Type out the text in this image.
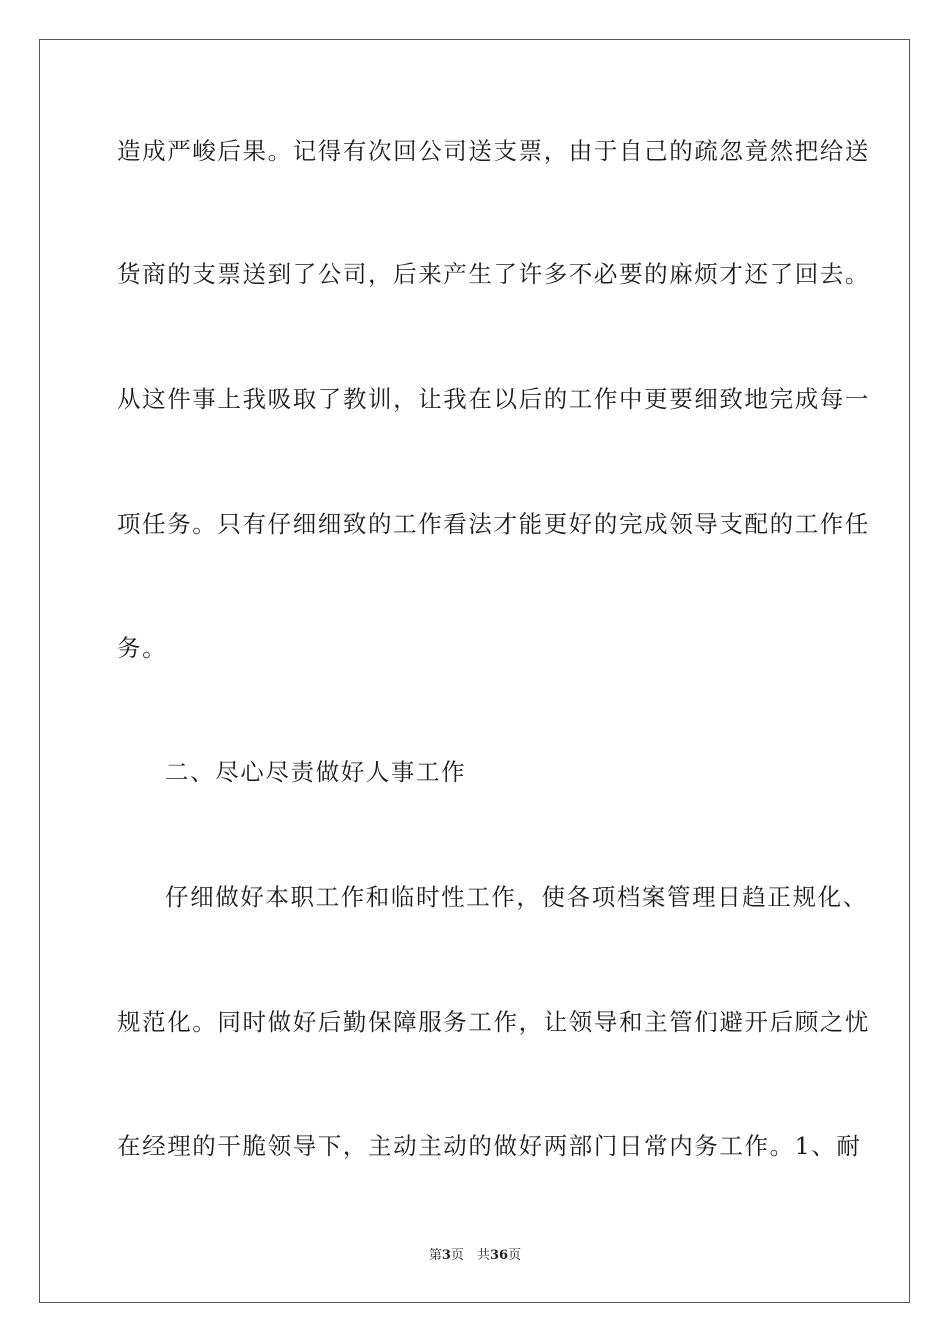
造成严峻后果。记得有次回公司送支票，由于自己的疏忽竟然把给送
货商的支票送到了公司，后来产生了许多不必要的麻烦才还了回去。
从这件事上我吸取了教训，让我在以后的工作中更要细致地完成每一
项任务。只有仔细细致的工作看法才能更好的完成领导支配的工作任
务。
二、尽心尽责做好人事工作
仔细做好本职工作和临时性工作，使各项档案管理日趋正规化、
规范化。同时做好后勤保障服务工作，让领导和主管们避开后顾之忧
在经理的干脆领导下，主动主动的做好两部门日常内务工作。1、耐
第3页　共36页
